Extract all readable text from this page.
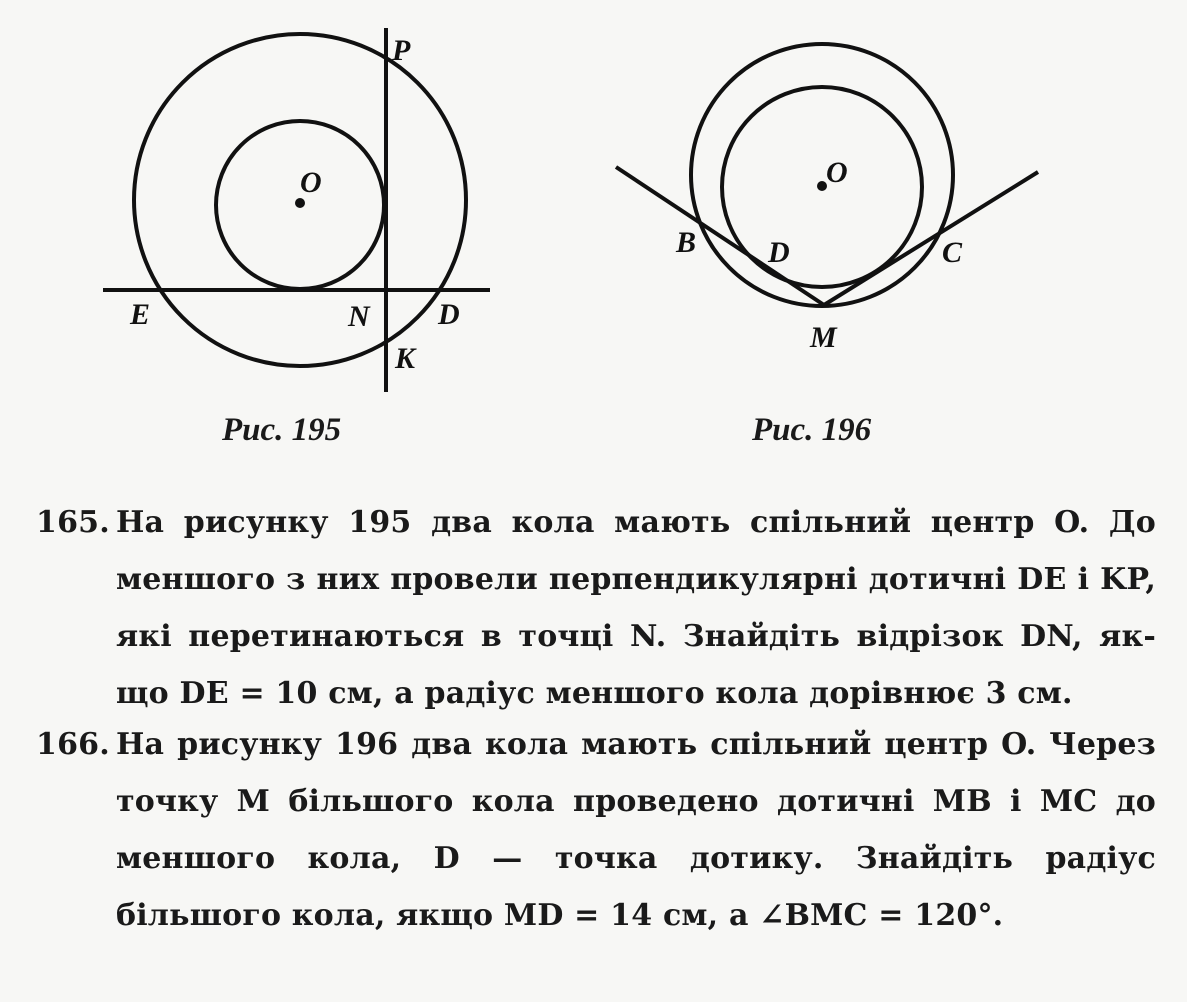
O
P
E	N D
K
Рис. 195
O
B D	C
M
Рис. 196
165. На рисунку 195 два кола мають спільний центр O. До
меншого з них провели перпендикулярні дотичні DE і KP,
які перетинаються в точці N. Знайдіть відрізок DN, як-
що DE = 10 см, а радіус меншого кола дорівнює 3 см.
166. На рисунку 196 два кола мають спільний центр O. Через
точку M більшого кола проведено дотичні MB і MC до
меншого кола, D — точка дотику. Знайдіть радіус
більшого кола, якщо MD = 14 см, а ∠BMC = 120°.
